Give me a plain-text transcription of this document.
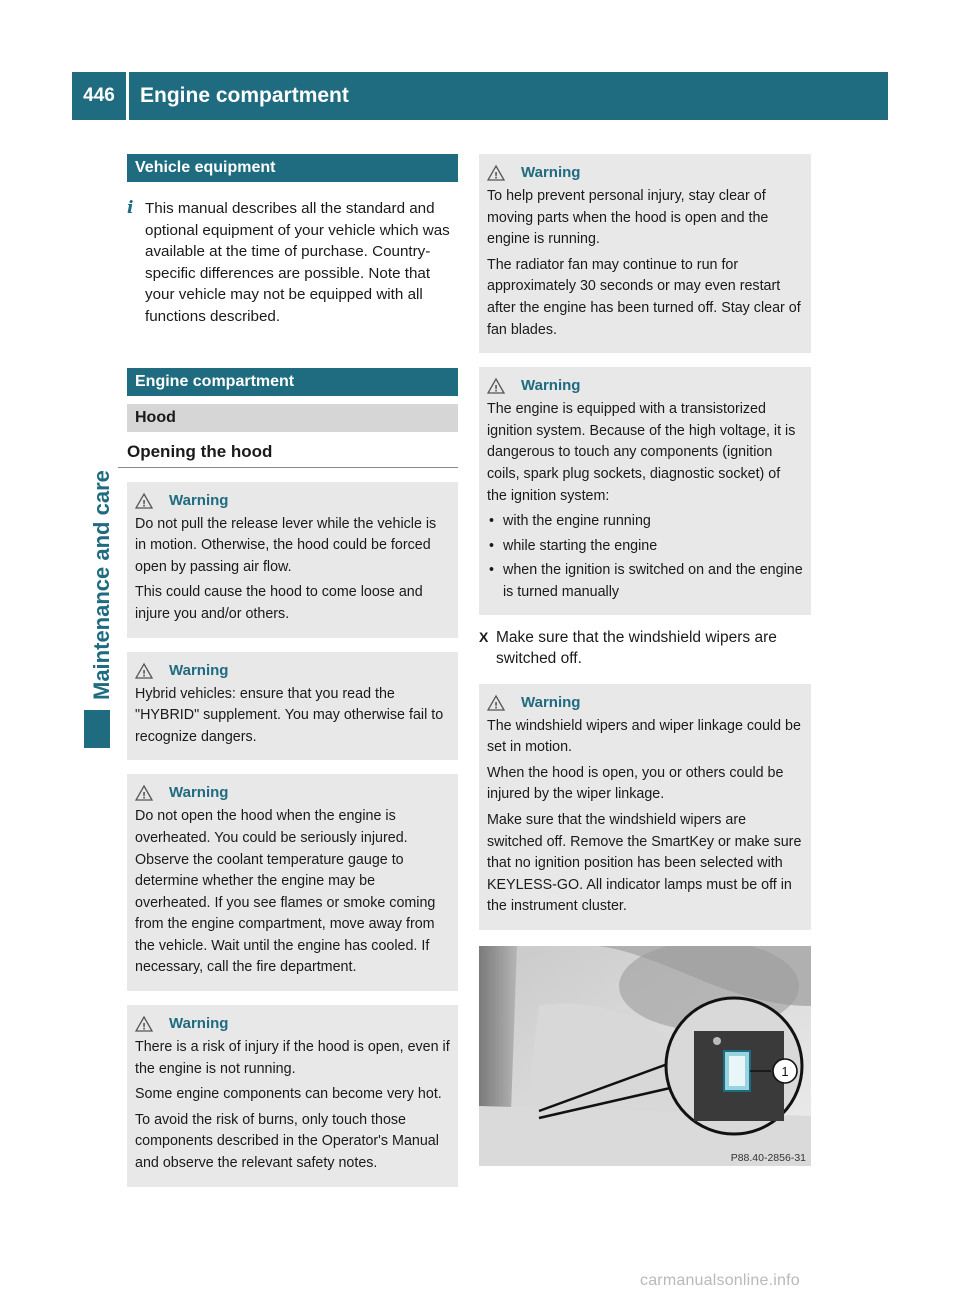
446	Engine compartment
Maintenance and care
Vehicle equipment
i This manual describes all the standard and optional equipment of your vehicle which was available at the time of purchase. Country-specific differences are possible. Note that your vehicle may not be equipped with all functions described.
Engine compartment
Hood
Opening the hood
! Warning

Do not pull the release lever while the vehicle is in motion. Otherwise, the hood could be forced open by passing air flow.

This could cause the hood to come loose and injure you and/or others.

! Warning

Hybrid vehicles: ensure that you read the "HYBRID" supplement. You may otherwise fail to recognize dangers.

! Warning

Do not open the hood when the engine is overheated. You could be seriously injured. Observe the coolant temperature gauge to determine whether the engine may be overheated. If you see flames or smoke coming from the engine compartment, move away from the vehicle. Wait until the engine has cooled. If necessary, call the fire department.

! Warning

There is a risk of injury if the hood is open, even if the engine is not running.

Some engine components can become very hot.

To avoid the risk of burns, only touch those components described in the Operator's Manual and observe the relevant safety notes.

! Warning

To help prevent personal injury, stay clear of moving parts when the hood is open and the engine is running.

The radiator fan may continue to run for approximately 30 seconds or may even restart after the engine has been turned off. Stay clear of fan blades.

! Warning

The engine is equipped with a transistorized ignition system. Because of the high voltage, it is dangerous to touch any components (ignition coils, spark plug sockets, diagnostic socket) of the ignition system:

• with the engine running
• while starting the engine
• when the ignition is switched on and the engine is turned manually
X Make sure that the windshield wipers are switched off.
! Warning

The windshield wipers and wiper linkage could be set in motion.

When the hood is open, you or others could be injured by the wiper linkage.

Make sure that the windshield wipers are switched off. Remove the SmartKey or make sure that no ignition position has been selected with KEYLESS-GO. All indicator lamps must be off in the instrument cluster.

1
P88.40-2856-31
carmanualsonline.info
